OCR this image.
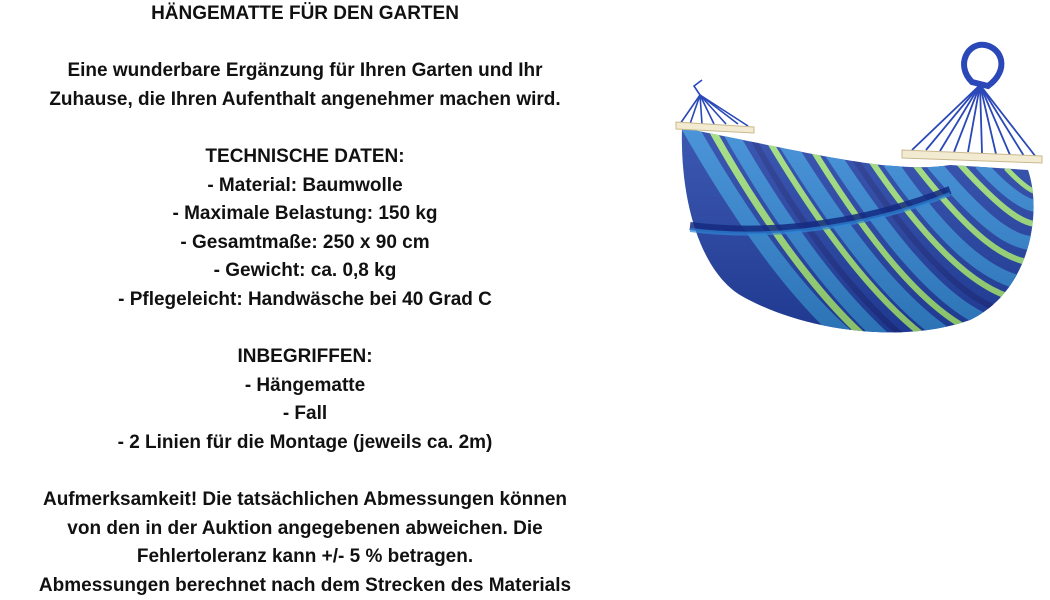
HÄNGEMATTE FÜR DEN GARTEN

Eine wunderbare Ergänzung für Ihren Garten und Ihr

Zuhause, die Ihren Aufenthalt angenehmer machen wird.

TECHNISCHE DATEN:

- Material: Baumwolle

- Maximale Belastung: 150 kg

- Gesamtmaße: 250 x 90 cm

- Gewicht: ca. 0,8 kg

- Pflegeleicht: Handwäsche bei 40 Grad C

INBEGRIFFEN:

- Hängematte

- Fall

- 2 Linien für die Montage (jeweils ca. 2m)

Aufmerksamkeit! Die tatsächlichen Abmessungen können

von den in der Auktion angegebenen abweichen. Die

Fehlertoleranz kann +/- 5 % betragen.

Abmessungen berechnet nach dem Strecken des Materials
